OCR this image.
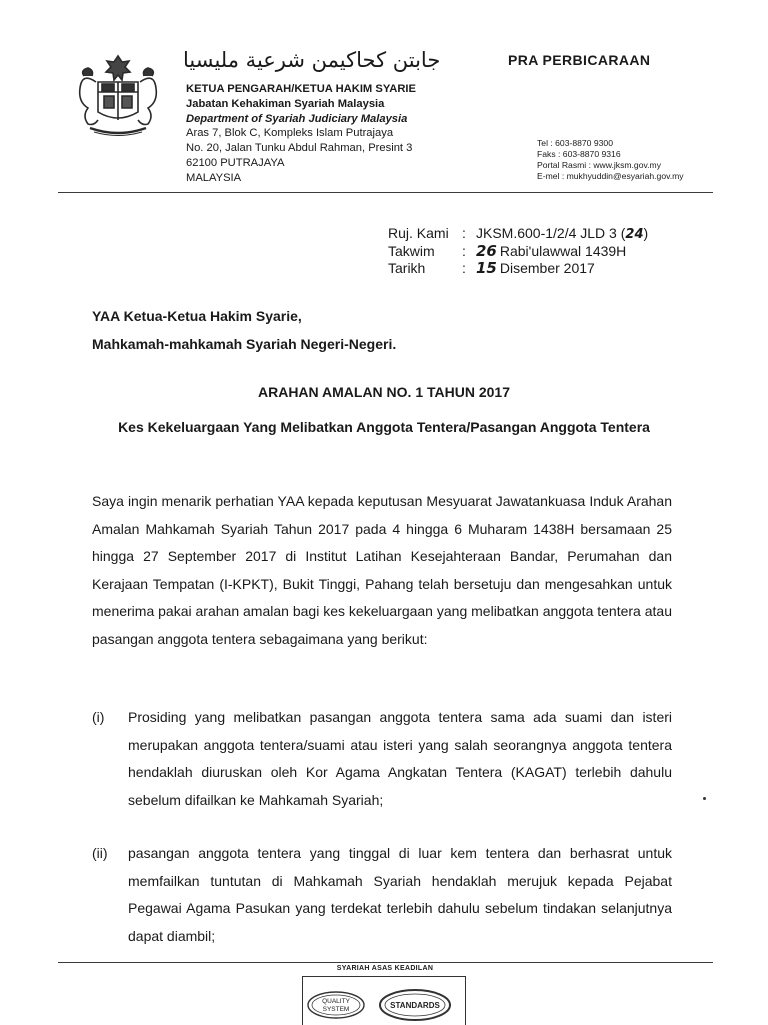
جابتن كحاكيمن شرعية مليسيا
KETUA PENGARAH/KETUA HAKIM SYARIE
Jabatan Kehakiman Syariah Malaysia
Department of Syariah Judiciary Malaysia
Aras 7, Blok C, Kompleks Islam Putrajaya
No. 20, Jalan Tunku Abdul Rahman, Presint 3
62100 PUTRAJAYA
MALAYSIA
PRA PERBICARAAN
Tel : 603-8870 9300
Faks : 603-8870 9316
Portal Rasmi : www.jksm.gov.my
E-mel : mukhyuddin@esyariah.gov.my
Ruj. Kami : JKSM.600-1/2/4 JLD 3 (24)
Takwim	: 26 Rabi'ulawwal 1439H
Tarikh	: 15 Disember 2017
YAA Ketua-Ketua Hakim Syarie,
Mahkamah-mahkamah Syariah Negeri-Negeri.
ARAHAN AMALAN NO. 1 TAHUN 2017
Kes Kekeluargaan Yang Melibatkan Anggota Tentera/Pasangan Anggota Tentera
Saya ingin menarik perhatian YAA kepada keputusan Mesyuarat Jawatankuasa Induk Arahan Amalan Mahkamah Syariah Tahun 2017 pada 4 hingga 6 Muharam 1438H bersamaan 25 hingga 27 September 2017 di Institut Latihan Kesejahteraan Bandar, Perumahan dan Kerajaan Tempatan (I-KPKT), Bukit Tinggi, Pahang telah bersetuju dan mengesahkan untuk menerima pakai arahan amalan bagi kes kekeluargaan yang melibatkan anggota tentera atau pasangan anggota tentera sebagaimana yang berikut:
(i) Prosiding yang melibatkan pasangan anggota tentera sama ada suami dan isteri merupakan anggota tentera/suami atau isteri yang salah seorangnya anggota tentera hendaklah diuruskan oleh Kor Agama Angkatan Tentera (KAGAT) terlebih dahulu sebelum difailkan ke Mahkamah Syariah;
(ii) pasangan anggota tentera yang tinggal di luar kem tentera dan berhasrat untuk memfailkan tuntutan di Mahkamah Syariah hendaklah merujuk kepada Pejabat Pegawai Agama Pasukan yang terdekat terlebih dahulu sebelum tindakan selanjutnya dapat diambil;
SYARIAH ASAS KEADILAN
QUALITY
SYSTEM	STANDARDS
